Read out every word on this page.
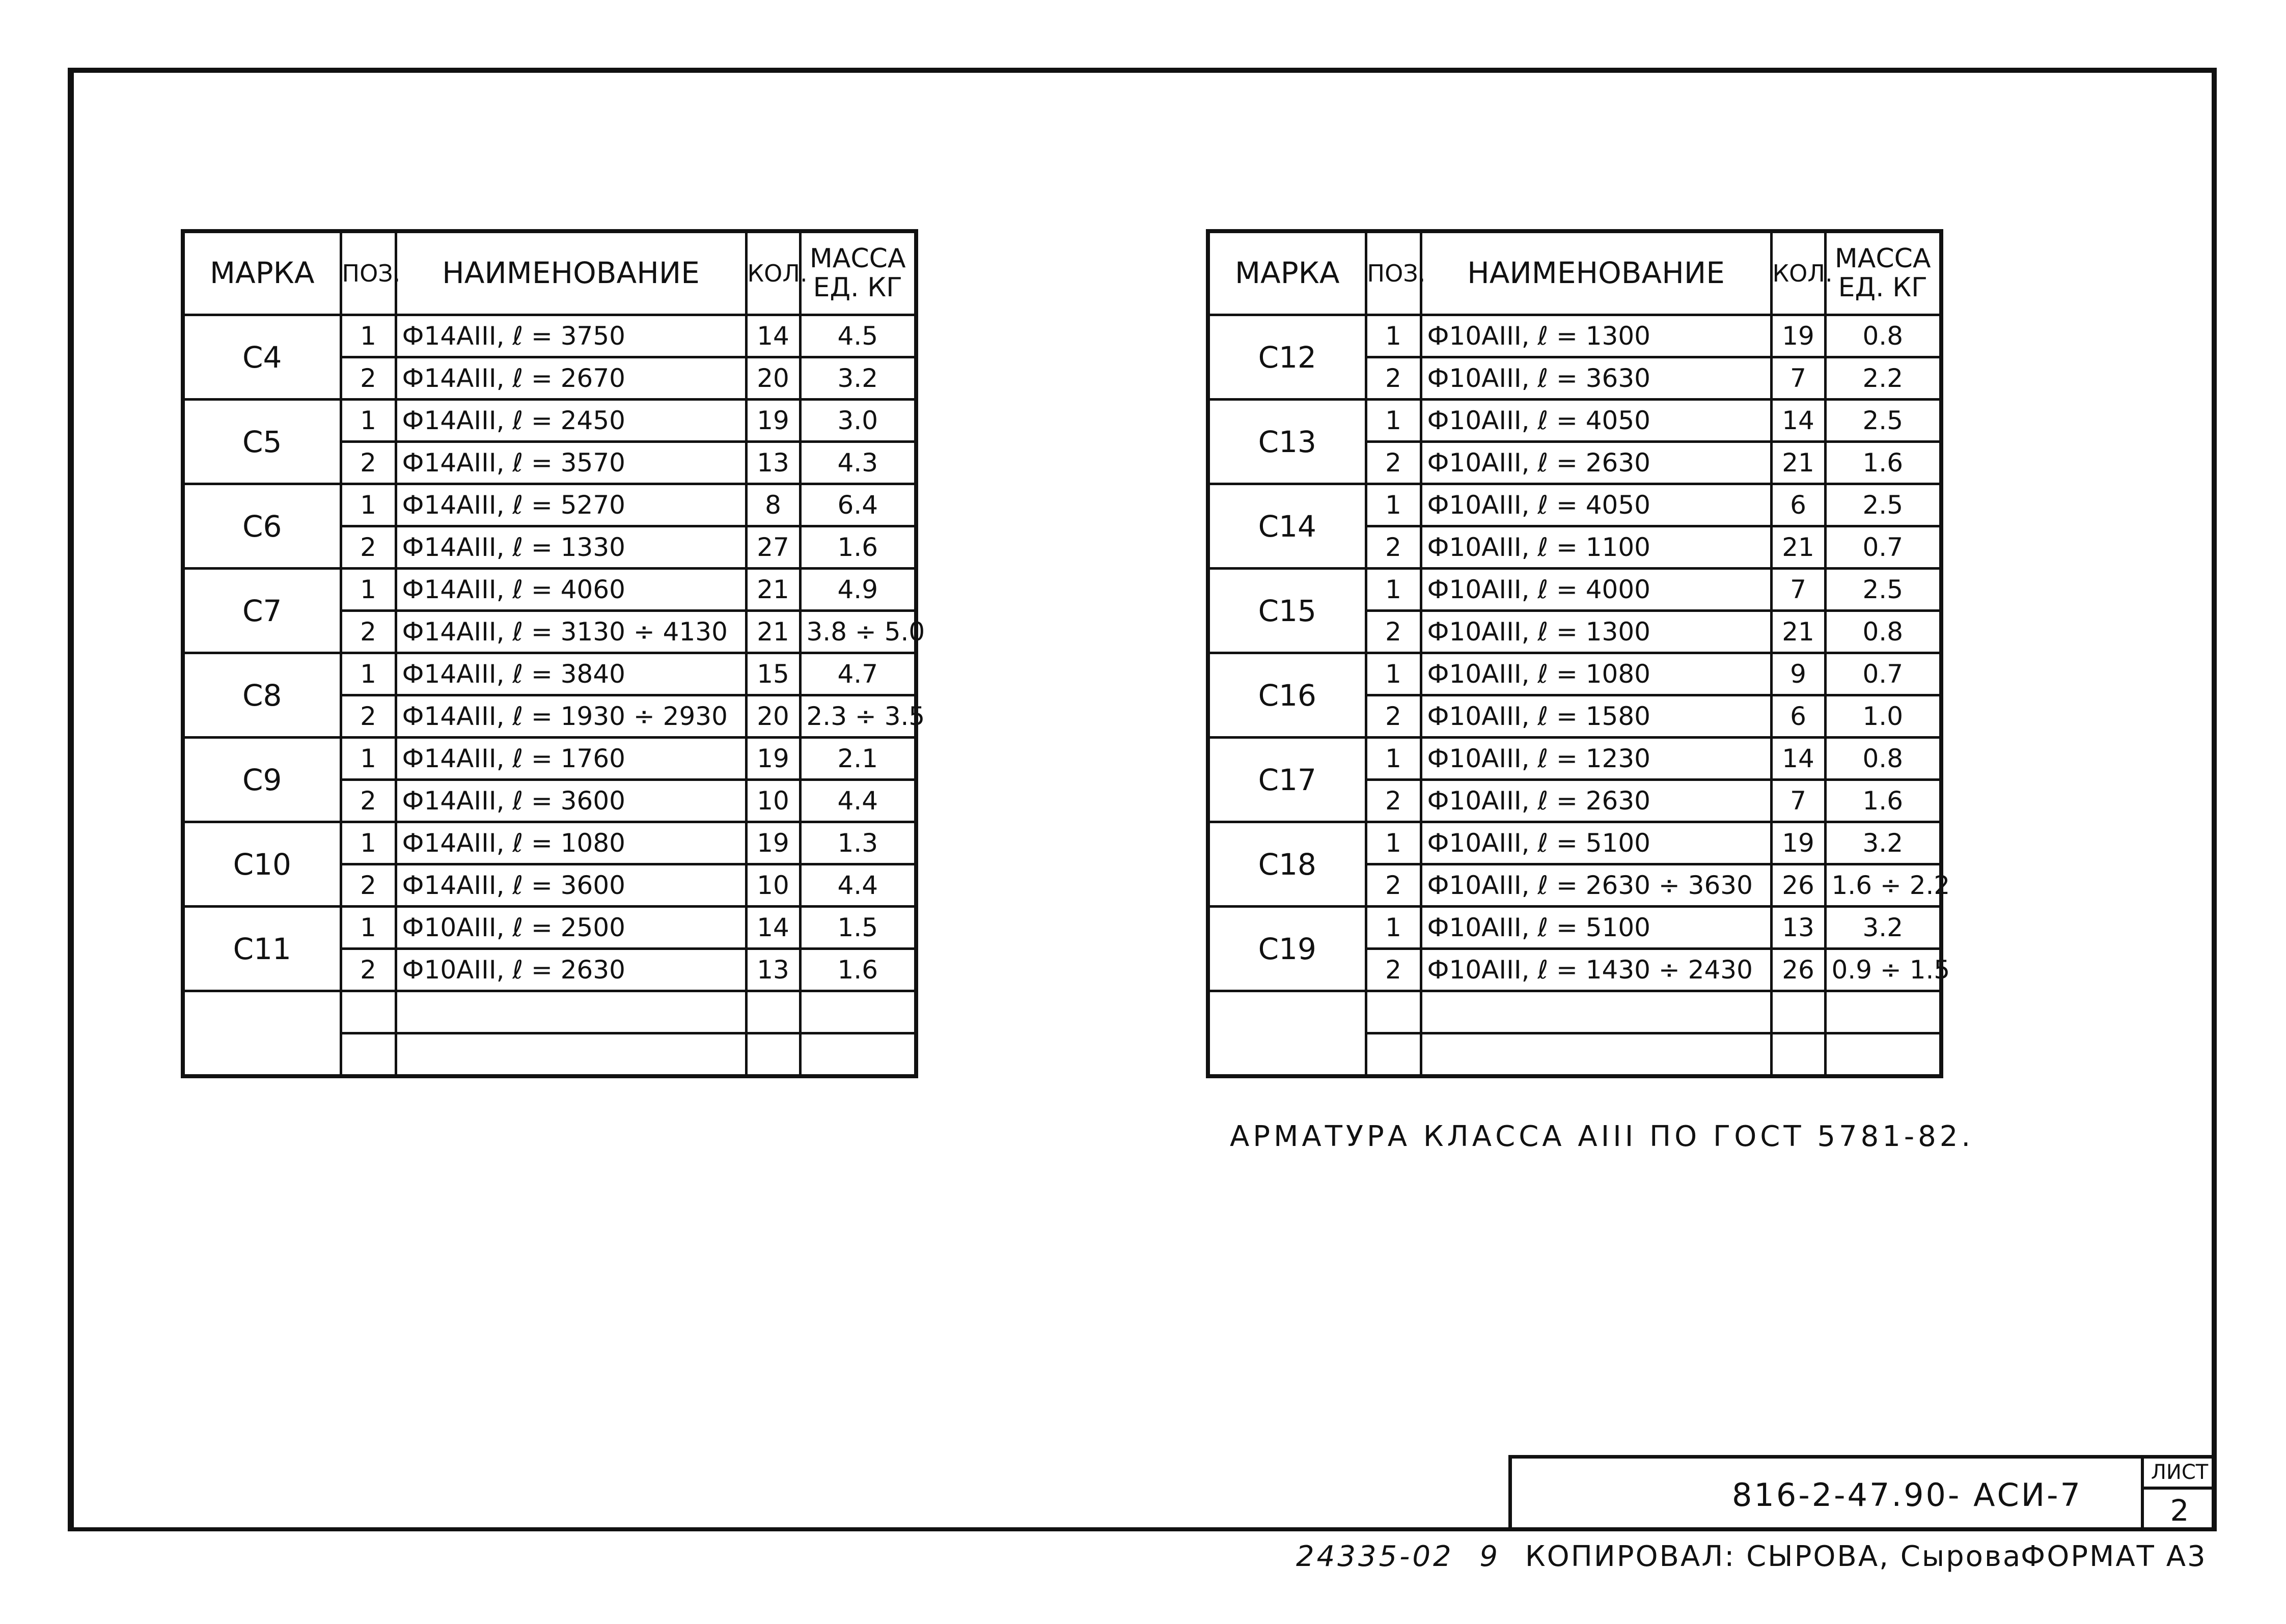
МАРКА	ПОЗ.	НАИМЕНОВАНИЕ	КОЛ.	МАССА ЕД. КГ
С4	1	Ф14АIII, ℓ = 3750	14	4.5
	2	Ф14АIII, ℓ = 2670	20	3.2
С5	1	Ф14АIII, ℓ = 2450	19	3.0
	2	Ф14АIII, ℓ = 3570	13	4.3
С6	1	Ф14АIII, ℓ = 5270	8	6.4
	2	Ф14АIII, ℓ = 1330	27	1.6
С7	1	Ф14АIII, ℓ = 4060	21	4.9
	2	Ф14АIII, ℓ = 3130 ÷ 4130	21	3.8 ÷ 5.0
С8	1	Ф14АIII, ℓ = 3840	15	4.7
	2	Ф14АIII, ℓ = 1930 ÷ 2930	20	2.3 ÷ 3.5
С9	1	Ф14АIII, ℓ = 1760	19	2.1
	2	Ф14АIII, ℓ = 3600	10	4.4
С10	1	Ф14АIII, ℓ = 1080	19	1.3
	2	Ф14АIII, ℓ = 3600	10	4.4
С11	1	Ф10АIII, ℓ = 2500	14	1.5
	2	Ф10АIII, ℓ = 2630	13	1.6

МАРКА	ПОЗ.	НАИМЕНОВАНИЕ	КОЛ.	МАССА ЕД. КГ
С12	1	Ф10АIII, ℓ = 1300	19	0.8
	2	Ф10АIII, ℓ = 3630	7	2.2
С13	1	Ф10АIII, ℓ = 4050	14	2.5
	2	Ф10АIII, ℓ = 2630	21	1.6
С14	1	Ф10АIII, ℓ = 4050	6	2.5
	2	Ф10АIII, ℓ = 1100	21	0.7
С15	1	Ф10АIII, ℓ = 4000	7	2.5
	2	Ф10АIII, ℓ = 1300	21	0.8
С16	1	Ф10АIII, ℓ = 1080	9	0.7
	2	Ф10АIII, ℓ = 1580	6	1.0
С17	1	Ф10АIII, ℓ = 1230	14	0.8
	2	Ф10АIII, ℓ = 2630	7	1.6
С18	1	Ф10АIII, ℓ = 5100	19	3.2
	2	Ф10АIII, ℓ = 2630 ÷ 3630	26	1.6 ÷ 2.2
С19	1	Ф10АIII, ℓ = 5100	13	3.2
	2	Ф10АIII, ℓ = 1430 ÷ 2430	26	0.9 ÷ 1.5

АРМАТУРА КЛАССА АIII ПО ГОСТ 5781-82.
816-2-47.90- АСИ-7
ЛИСТ
2
24335-02 9 КОПИРОВАЛ: СЫРОВА, Сырова
ФОРМАТ А3
